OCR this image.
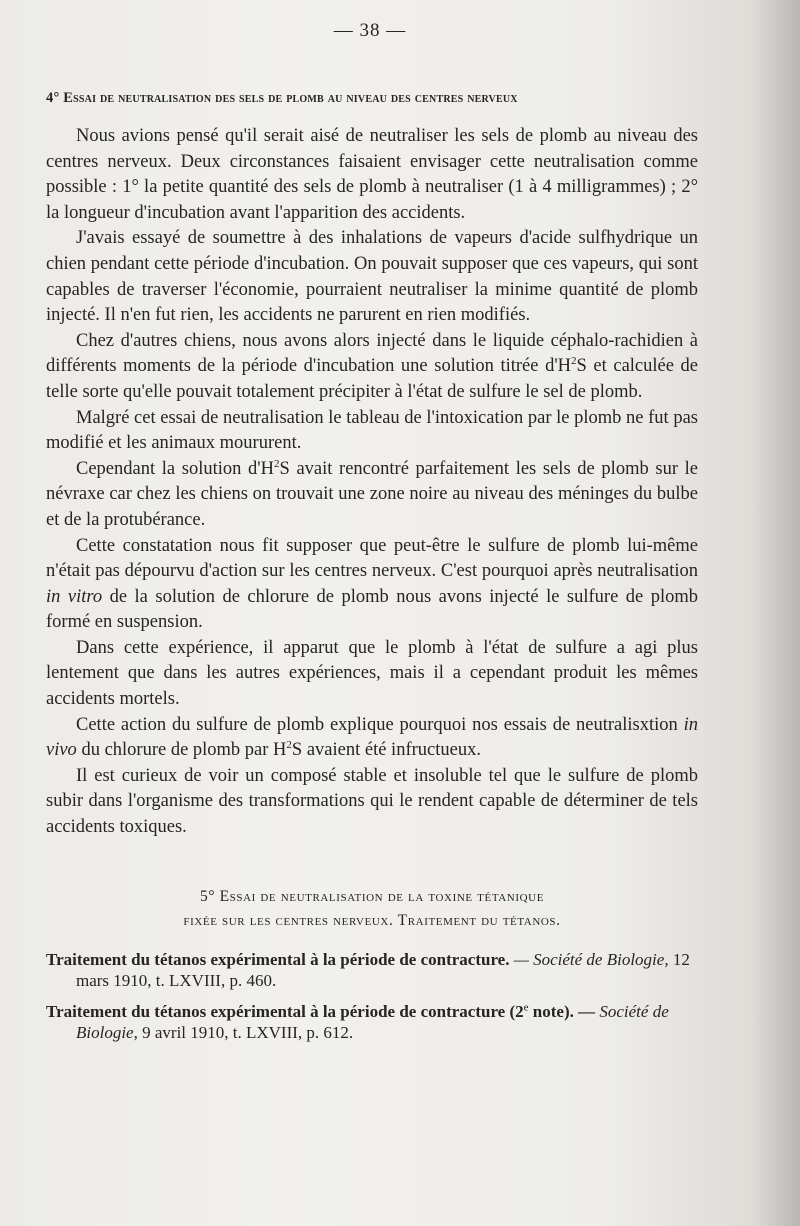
— 38 —
4° Essai de neutralisation des sels de plomb au niveau des centres nerveux

Nous avions pensé qu'il serait aisé de neutraliser les sels de plomb au niveau des centres nerveux. Deux circonstances faisaient envisager cette neutralisation comme possible : 1° la petite quantité des sels de plomb à neutraliser (1 à 4 milligrammes) ; 2° la longueur d'incubation avant l'apparition des accidents.

J'avais essayé de soumettre à des inhalations de vapeurs d'acide sulfhydrique un chien pendant cette période d'incubation. On pouvait supposer que ces vapeurs, qui sont capables de traverser l'économie, pourraient neutraliser la minime quantité de plomb injecté. Il n'en fut rien, les accidents ne parurent en rien modifiés.

Chez d'autres chiens, nous avons alors injecté dans le liquide céphalo-rachidien à différents moments de la période d'incubation une solution titrée $d'H^2S$ et calculée de telle sorte qu'elle pouvait totalement précipiter à l'état de sulfure le sel de plomb.

Malgré cet essai de neutralisation le tableau de l'intoxication par le plomb ne fut pas modifié et les animaux moururent.

Cependant la solution $d'H^2S$ avait rencontré parfaitement les sels de plomb sur le névraxe car chez les chiens on trouvait une zone noire au niveau des méninges du bulbe et de la protubérance.

Cette constatation nous fit supposer que peut-être le sulfure de plomb lui-même n'était pas dépourvu d'action sur les centres nerveux. C'est pourquoi après neutralisation in vitro de la solution de chlorure de plomb nous avons injecté le sulfure de plomb formé en suspension.

Dans cette expérience, il apparut que le plomb à l'état de sulfure a agi plus lentement que dans les autres expériences, mais il a cependant produit les mêmes accidents mortels.

Cette action du sulfure de plomb explique pourquoi nos essais de neutralisxtion in vivo du chlorure de plomb par $H^2S$ avaient été infructueux.

Il est curieux de voir un composé stable et insoluble tel que le sulfure de plomb subir dans l'organisme des transformations qui le rendent capable de déterminer de tels accidents toxiques.

5° Essai de neutralisation de la toxine tétanique
fixée sur les centres nerveux. Traitement du tétanos.

Traitement du tétanos expérimental à la période de contracture. — Société de Biologie, 12 mars 1910, t. LXVIII, p. 460.

Traitement du tétanos expérimental à la période de contracture (2e note). — Société de Biologie, 9 avril 1910, t. LXVIII, p. 612.
